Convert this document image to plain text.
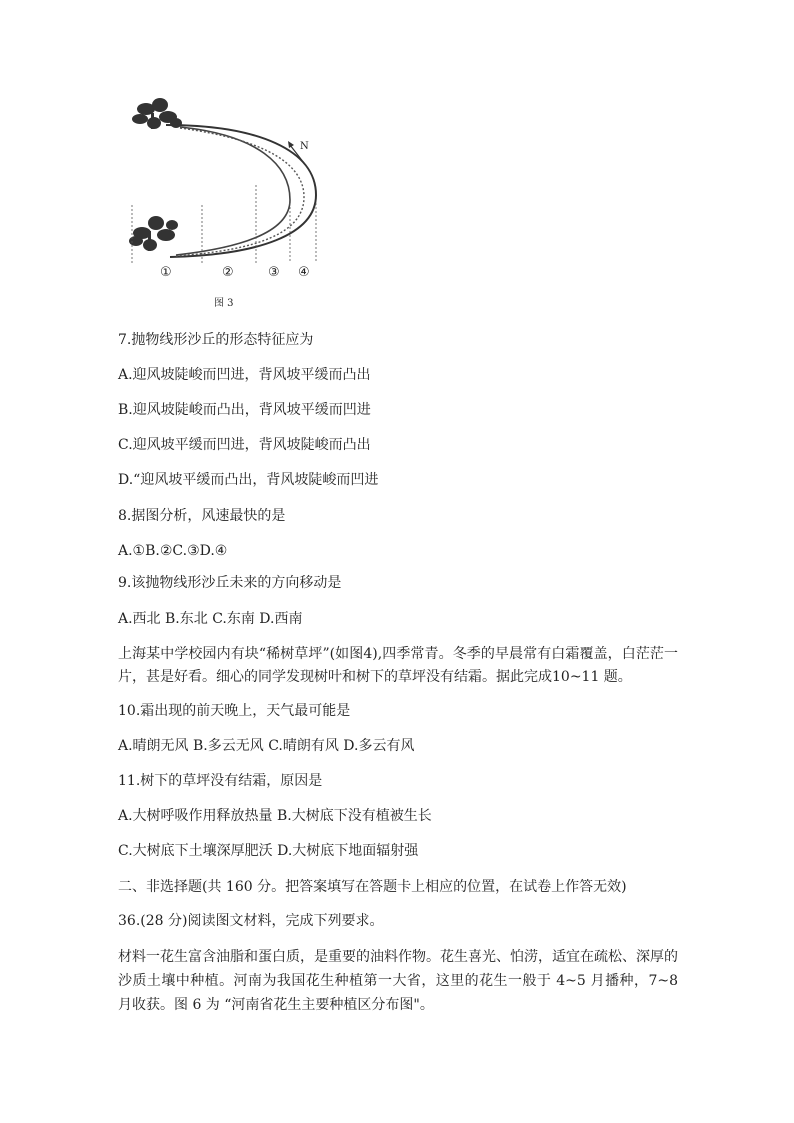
①	②	③ ④
N
图 3
7.抛物线形沙丘的形态特征应为
A.迎风坡陡峻而凹进，背风坡平缓而凸出
B.迎风坡陡峻而凸出，背风坡平缓而凹进
C.迎风坡平缓而凹进，背风坡陡峻而凸出
D.“迎风坡平缓而凸出，背风坡陡峻而凹进
8.据图分析，风速最快的是
A.①B.②C.③D.④
9.该抛物线形沙丘未来的方向移动是
A.西北 B.东北 C.东南 D.西南
上海某中学校园内有块“稀树草坪”(如图4),四季常青。冬季的早晨常有白霜覆盖，白茫茫一片，甚是好看。细心的同学发现树叶和树下的草坪没有结霜。据此完成10~11 题。
10.霜出现的前天晚上，天气最可能是
A.晴朗无风 B.多云无风 C.晴朗有风 D.多云有风
11.树下的草坪没有结霜，原因是
A.大树呼吸作用释放热量 B.大树底下没有植被生长
C.大树底下土壤深厚肥沃 D.大树底下地面辐射强
二、非选择题(共 160 分。把答案填写在答题卡上相应的位置，在试卷上作答无效)
36.(28 分)阅读图文材料，完成下列要求。
材料一花生富含油脂和蛋白质，是重要的油料作物。花生喜光、怕涝，适宜在疏松、深厚的沙质土壤中种植。河南为我国花生种植第一大省，这里的花生一般于 4~5 月播种，7~8 月收获。图 6 为 “河南省花生主要种植区分布图"。
